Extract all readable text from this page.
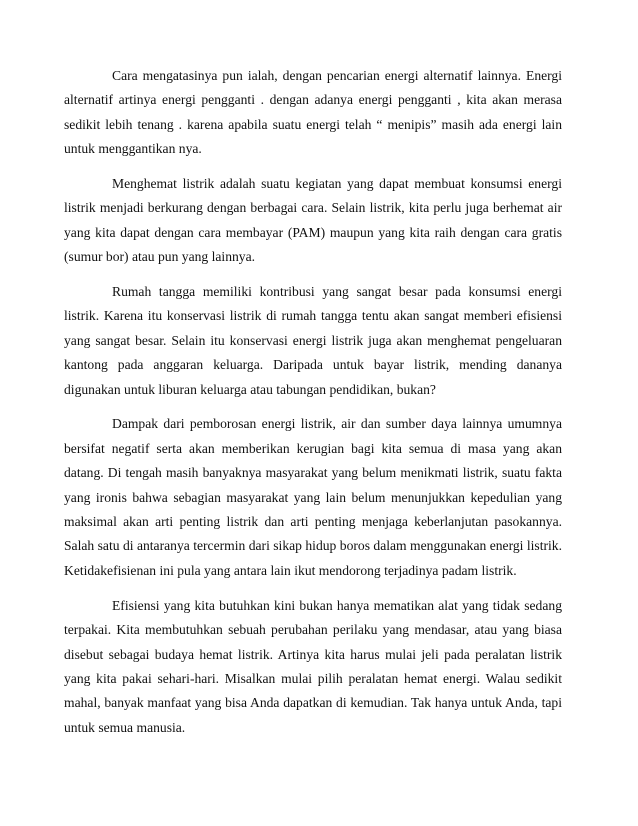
Cara mengatasinya pun ialah, dengan pencarian energi alternatif lainnya. Energi alternatif artinya energi pengganti . dengan adanya energi pengganti , kita akan merasa sedikit lebih tenang . karena apabila suatu energi telah “ menipis” masih ada energi lain untuk menggantikan nya.

Menghemat listrik adalah suatu kegiatan yang dapat membuat konsumsi energi listrik menjadi berkurang dengan berbagai cara. Selain listrik, kita perlu juga berhemat air yang kita dapat dengan cara membayar (PAM) maupun yang kita raih dengan cara gratis (sumur bor) atau pun yang lainnya.

Rumah tangga memiliki kontribusi yang sangat besar pada konsumsi energi listrik. Karena itu konservasi listrik di rumah tangga tentu akan sangat memberi efisiensi yang sangat besar. Selain itu konservasi energi listrik juga akan menghemat pengeluaran kantong pada anggaran keluarga. Daripada untuk bayar listrik, mending dananya digunakan untuk liburan keluarga atau tabungan pendidikan, bukan?

Dampak dari pemborosan energi listrik, air dan sumber daya lainnya umumnya bersifat negatif serta akan memberikan kerugian bagi kita semua di masa yang akan datang. Di tengah masih banyaknya masyarakat yang belum menikmati listrik, suatu fakta yang ironis bahwa sebagian masyarakat yang lain belum menunjukkan kepedulian yang maksimal akan arti penting listrik dan arti penting menjaga keberlanjutan pasokannya. Salah satu di antaranya tercermin dari sikap hidup boros dalam menggunakan energi listrik. Ketidakefisienan ini pula yang antara lain ikut mendorong terjadinya padam listrik.

Efisiensi yang kita butuhkan kini bukan hanya mematikan alat yang tidak sedang terpakai. Kita membutuhkan sebuah perubahan perilaku yang mendasar, atau yang biasa disebut sebagai budaya hemat listrik. Artinya kita harus mulai jeli pada peralatan listrik yang kita pakai sehari-hari. Misalkan mulai pilih peralatan hemat energi. Walau sedikit mahal, banyak manfaat yang bisa Anda dapatkan di kemudian. Tak hanya untuk Anda, tapi untuk semua manusia.
